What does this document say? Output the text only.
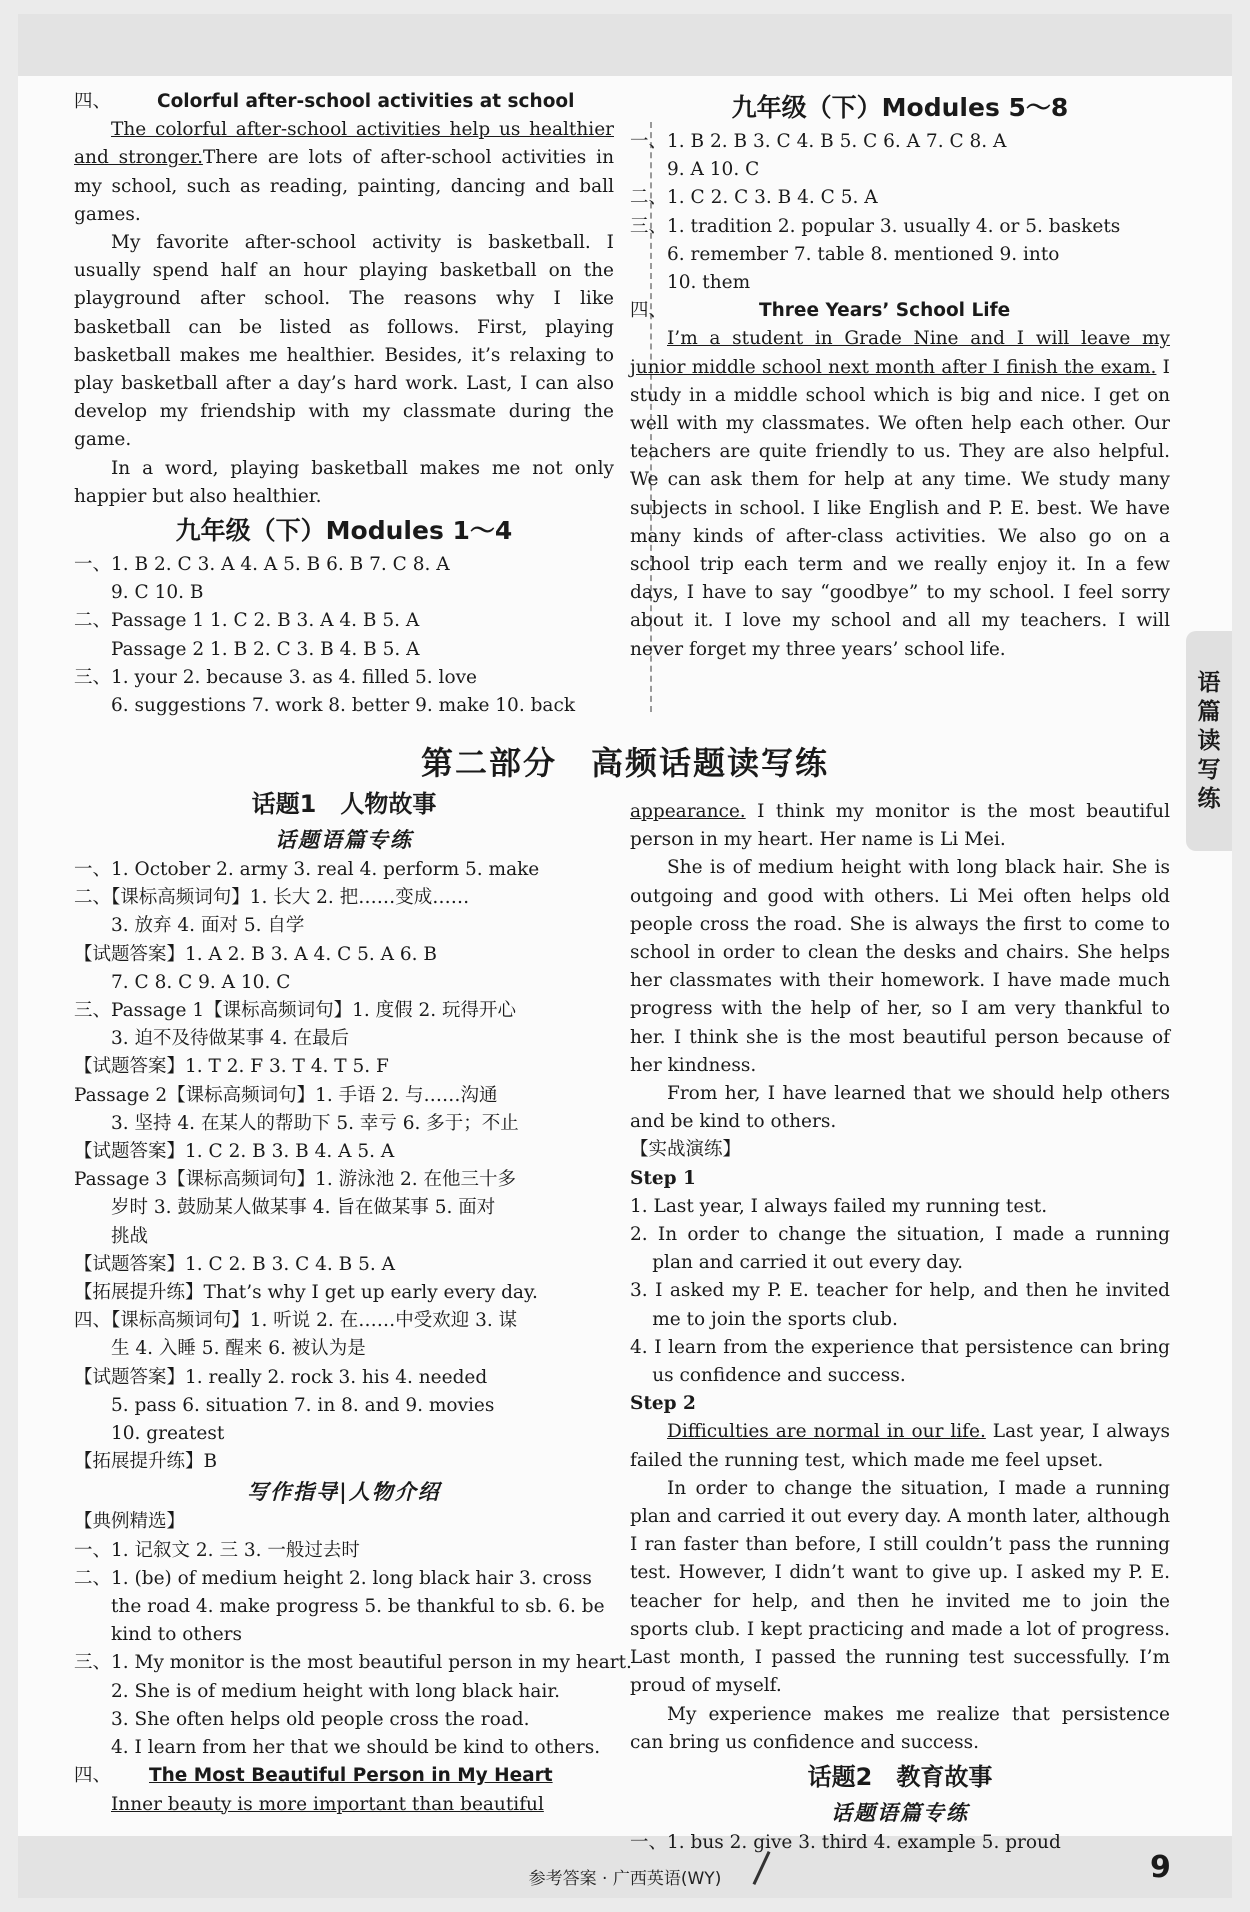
四、 Colorful after-school activities at school

The colorful after-school activities help us healthier and stronger.There are lots of after-school activities in my school, such as reading, painting, dancing and ball games.

My favorite after-school activity is basketball. I usually spend half an hour playing basketball on the playground after school. The reasons why I like basketball can be listed as follows. First, playing basketball makes me healthier. Besides, it’s relaxing to play basketball after a day’s hard work. Last, I can also develop my friendship with my classmate during the game.

In a word, playing basketball makes me not only happier but also healthier.

九年级（下）Modules 1～4
一、1. B 2. C 3. A 4. A 5. B 6. B 7. C 8. A
9. C 10. B
二、Passage 1 1. C 2. B 3. A 4. B 5. A
Passage 2 1. B 2. C 3. B 4. B 5. A
三、1. your 2. because 3. as 4. filled 5. love
6. suggestions 7. work 8. better 9. make 10. back
九年级（下）Modules 5～8
一、1. B 2. B 3. C 4. B 5. C 6. A 7. C 8. A
9. A 10. C
二、1. C 2. C 3. B 4. C 5. A
三、1. tradition 2. popular 3. usually 4. or 5. baskets
6. remember 7. table 8. mentioned 9. into
10. them
四、	Three Years’ School Life

I’m a student in Grade Nine and I will leave my junior middle school next month after I finish the exam. I study in a middle school which is big and nice. I get on well with my classmates. We often help each other. Our teachers are quite friendly to us. They are also helpful. We can ask them for help at any time. We study many subjects in school. I like English and P. E. best. We have many kinds of after-class activities. We also go on a school trip each term and we really enjoy it. In a few days, I have to say “goodbye” to my school. I feel sorry about it. I love my school and all my teachers. I will never forget my three years’ school life.

第二部分　高频话题读写练
语篇读写练
话题1　人物故事
话题语篇专练
一、1. October 2. army 3. real 4. perform 5. make
二、【课标高频词句】1. 长大 2. 把……变成……
3. 放弃 4. 面对 5. 自学
【试题答案】1. A 2. B 3. A 4. C 5. A 6. B
7. C 8. C 9. A 10. C
三、Passage 1【课标高频词句】1. 度假 2. 玩得开心
3. 迫不及待做某事 4. 在最后
【试题答案】1. T 2. F 3. T 4. T 5. F
Passage 2【课标高频词句】1. 手语 2. 与……沟通
3. 坚持 4. 在某人的帮助下 5. 幸亏 6. 多于；不止
【试题答案】1. C 2. B 3. B 4. A 5. A
Passage 3【课标高频词句】1. 游泳池 2. 在他三十多
岁时 3. 鼓励某人做某事 4. 旨在做某事 5. 面对
挑战
【试题答案】1. C 2. B 3. C 4. B 5. A
【拓展提升练】That’s why I get up early every day.
四、【课标高频词句】1. 听说 2. 在……中受欢迎 3. 谋
生 4. 入睡 5. 醒来 6. 被认为是
【试题答案】1. really 2. rock 3. his 4. needed
5. pass 6. situation 7. in 8. and 9. movies
10. greatest
【拓展提升练】B
写作指导|人物介绍
【典例精选】
一、1. 记叙文 2. 三 3. 一般过去时
二、1. (be) of medium height 2. long black hair 3. cross
the road 4. make progress 5. be thankful to sb. 6. be
kind to others
三、1. My monitor is the most beautiful person in my heart.
2. She is of medium height with long black hair.
3. She often helps old people cross the road.
4. I learn from her that we should be kind to others.
四、 The Most Beautiful Person in My Heart
Inner beauty is more important than beautiful

appearance. I think my monitor is the most beautiful person in my heart. Her name is Li Mei.

She is of medium height with long black hair. She is outgoing and good with others. Li Mei often helps old people cross the road. She is always the first to come to school in order to clean the desks and chairs. She helps her classmates with their homework. I have made much progress with the help of her, so I am very thankful to her. I think she is the most beautiful person because of her kindness.

From her, I have learned that we should help others and be kind to others.

【实战演练】
Step 1

1. Last year, I always failed my running test.

2. In order to change the situation, I made a running plan and carried it out every day.

3. I asked my P. E. teacher for help, and then he invited me to join the sports club.

4. I learn from the experience that persistence can bring us confidence and success.

Step 2

Difficulties are normal in our life. Last year, I always failed the running test, which made me feel upset.

In order to change the situation, I made a running plan and carried it out every day. A month later, although I ran faster than before, I still couldn’t pass the running test. However, I didn’t want to give up. I asked my P. E. teacher for help, and then he invited me to join the sports club. I kept practicing and made a lot of progress. Last month, I passed the running test successfully. I’m proud of myself.

My experience makes me realize that persistence can bring us confidence and success.

话题2　教育故事
话题语篇专练
一、1. bus 2. give 3. third 4. example 5. proud
参考答案 · 广西英语(WY)	9
